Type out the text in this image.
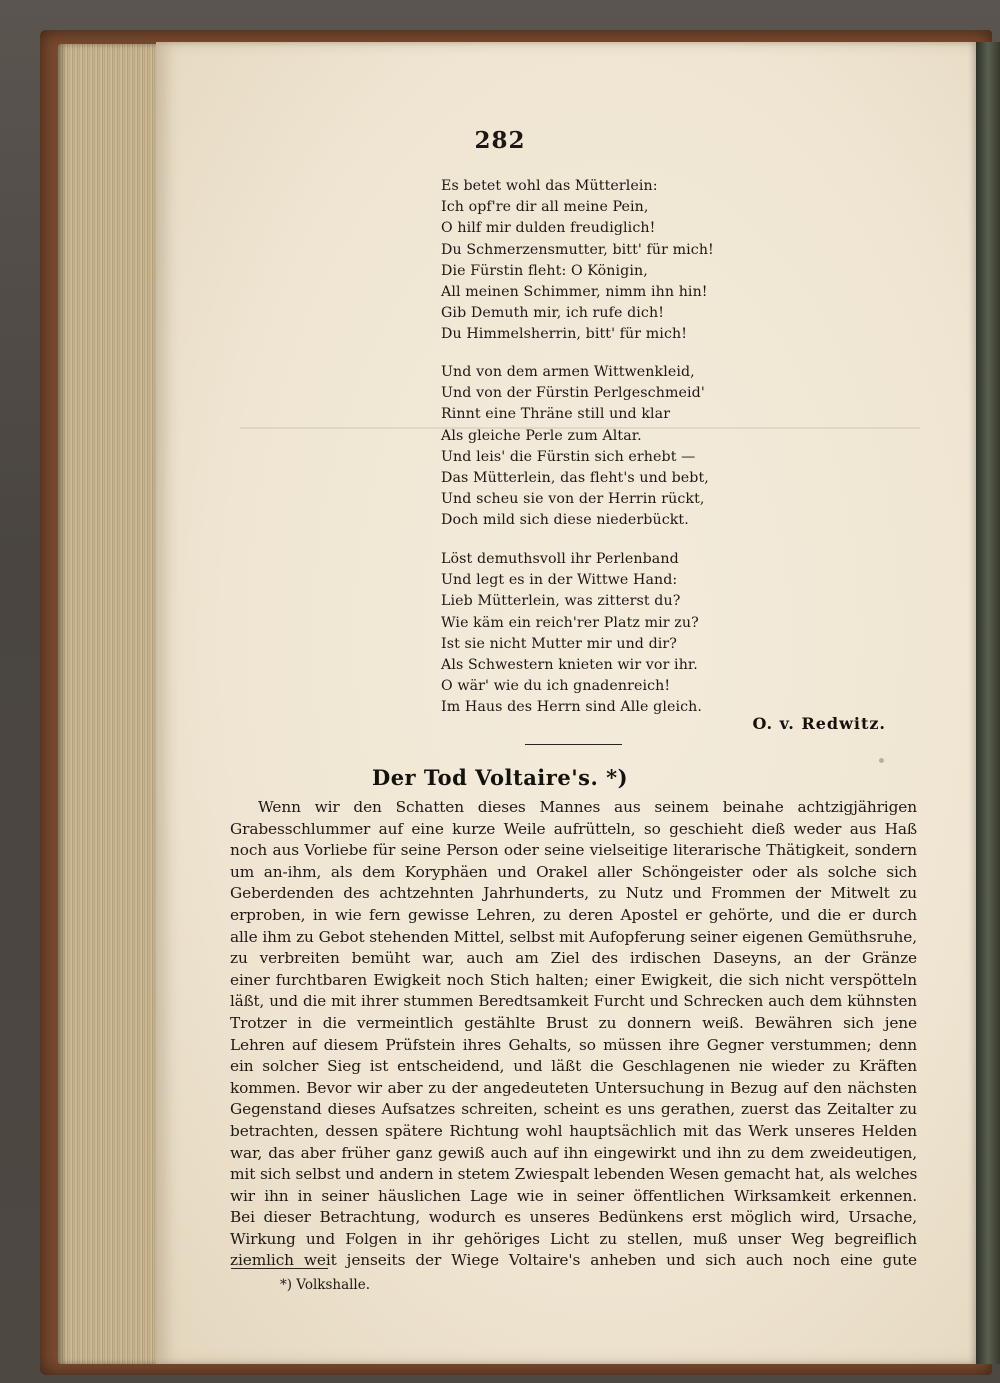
282
Es betet wohl das Mütterlein:
Ich opf're dir all meine Pein,
O hilf mir dulden freudiglich!
Du Schmerzensmutter, bitt' für mich!
Die Fürstin fleht: O Königin,
All meinen Schimmer, nimm ihn hin!
Gib Demuth mir, ich rufe dich!
Du Himmelsherrin, bitt' für mich!
Und von dem armen Wittwenkleid,
Und von der Fürstin Perlgeschmeid'
Rinnt eine Thräne still und klar
Als gleiche Perle zum Altar.
Und leis' die Fürstin sich erhebt —
Das Mütterlein, das fleht's und bebt,
Und scheu sie von der Herrin rückt,
Doch mild sich diese niederbückt.
Löst demuthsvoll ihr Perlenband
Und legt es in der Wittwe Hand:
Lieb Mütterlein, was zitterst du?
Wie käm ein reich'rer Platz mir zu?
Ist sie nicht Mutter mir und dir?
Als Schwestern knieten wir vor ihr.
O wär' wie du ich gnadenreich!
Im Haus des Herrn sind Alle gleich.
O. v. Redwitz.
Der Tod Voltaire's. *)
Wenn wir den Schatten dieses Mannes aus seinem beinahe achtzigjährigen
Grabesschlummer auf eine kurze Weile aufrütteln, so geschieht dieß weder aus Haß
noch aus Vorliebe für seine Person oder seine vielseitige literarische Thätigkeit, sondern
um an-ihm, als dem Koryphäen und Orakel aller Schöngeister oder als solche sich
Geberdenden des achtzehnten Jahrhunderts, zu Nutz und Frommen der Mitwelt zu
erproben, in wie fern gewisse Lehren, zu deren Apostel er gehörte, und die er durch
alle ihm zu Gebot stehenden Mittel, selbst mit Aufopferung seiner eigenen Gemüthsruhe,
zu verbreiten bemüht war, auch am Ziel des irdischen Daseyns, an der Gränze
einer furchtbaren Ewigkeit noch Stich halten; einer Ewigkeit, die sich nicht verspötteln
läßt, und die mit ihrer stummen Beredtsamkeit Furcht und Schrecken auch dem kühnsten
Trotzer in die vermeintlich gestählte Brust zu donnern weiß. Bewähren sich jene
Lehren auf diesem Prüfstein ihres Gehalts, so müssen ihre Gegner verstummen; denn
ein solcher Sieg ist entscheidend, und läßt die Geschlagenen nie wieder zu Kräften
kommen. Bevor wir aber zu der angedeuteten Untersuchung in Bezug auf den nächsten
Gegenstand dieses Aufsatzes schreiten, scheint es uns gerathen, zuerst das Zeitalter zu
betrachten, dessen spätere Richtung wohl hauptsächlich mit das Werk unseres Helden
war, das aber früher ganz gewiß auch auf ihn eingewirkt und ihn zu dem zweideutigen,
mit sich selbst und andern in stetem Zwiespalt lebenden Wesen gemacht hat, als welches
wir ihn in seiner häuslichen Lage wie in seiner öffentlichen Wirksamkeit erkennen.
Bei dieser Betrachtung, wodurch es unseres Bedünkens erst möglich wird, Ursache,
Wirkung und Folgen in ihr gehöriges Licht zu stellen, muß unser Weg begreiflich
ziemlich weit jenseits der Wiege Voltaire's anheben und sich auch noch eine gute
*) Volkshalle.
